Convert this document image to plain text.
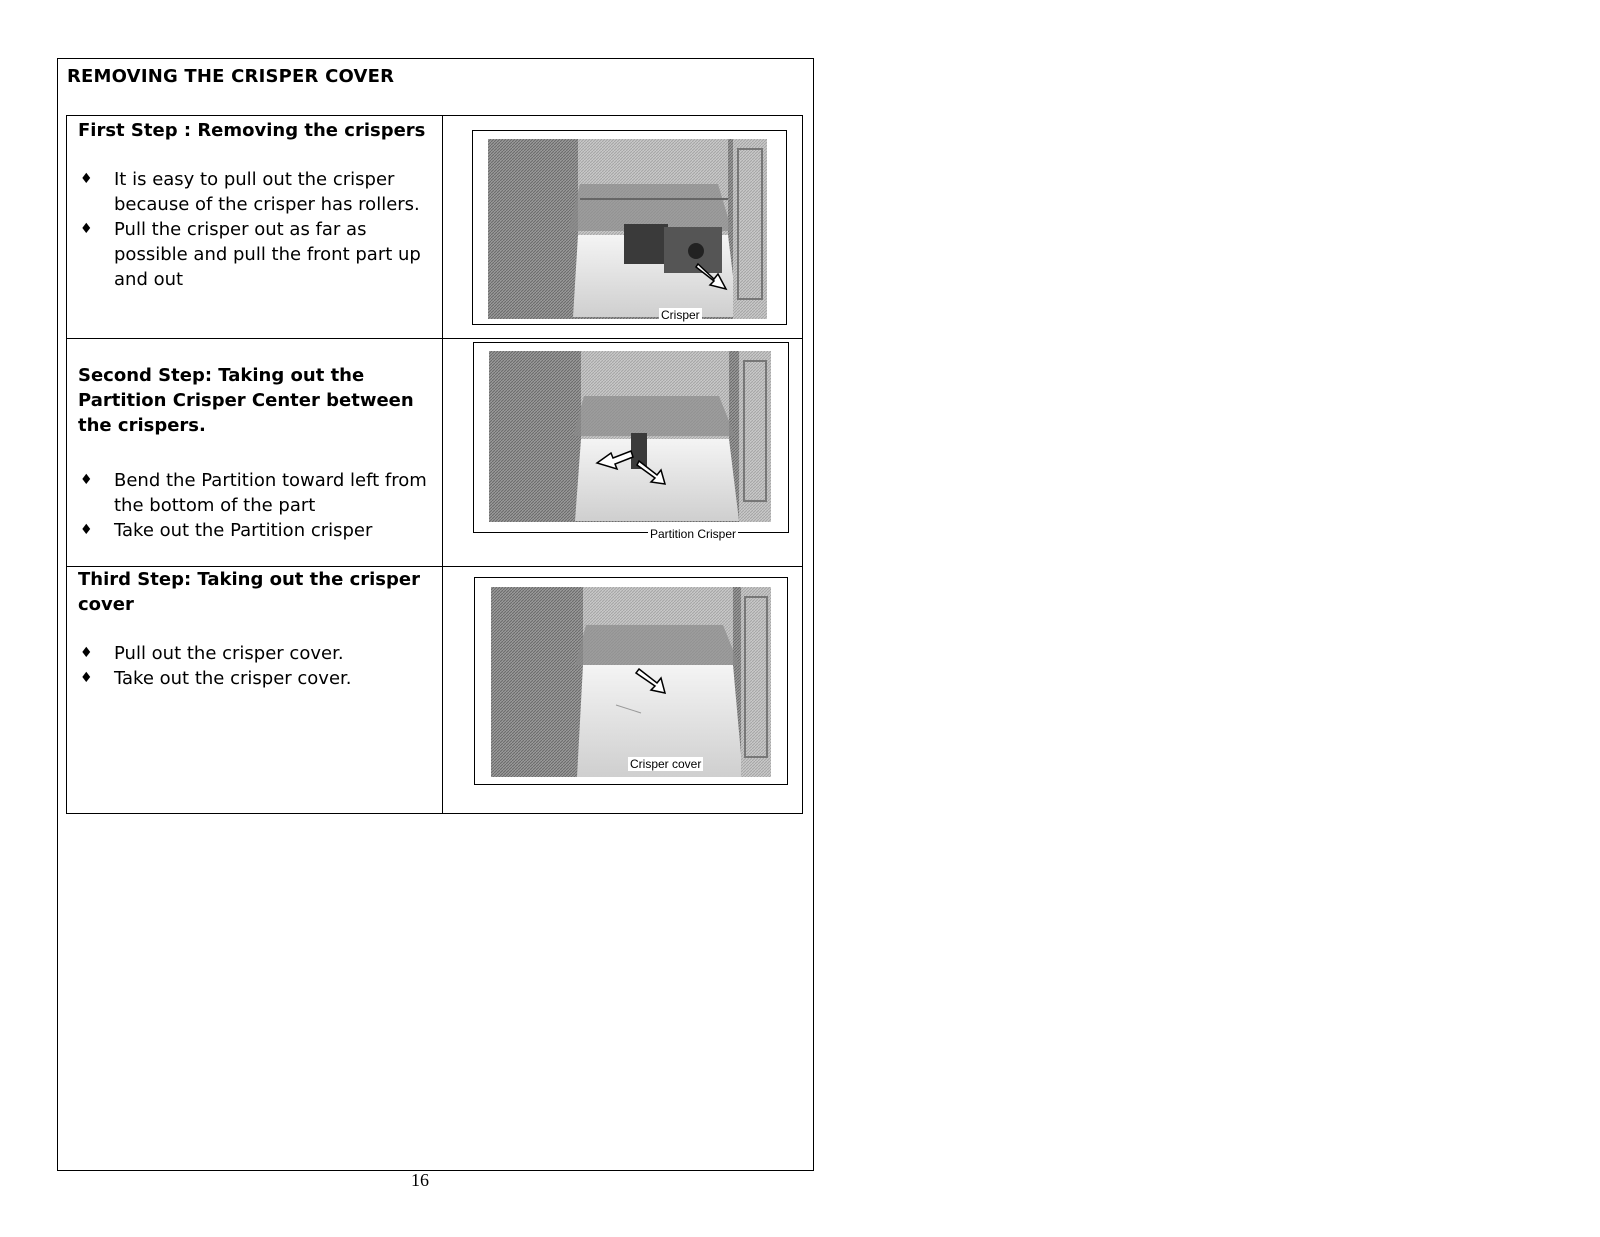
REMOVING THE CRISPER COVER

First Step : Removing the crispers

♦ It is easy to pull out the crisper because of the crisper has rollers.
♦ Pull the crisper out as far as possible and pull the front part up and out

Second Step: Taking out the Partition Crisper Center between the crispers.

♦ Bend the Partition toward left from the bottom of the part
♦ Take out the Partition crisper

Third Step: Taking out the crisper cover

♦ Pull out the crisper cover.
♦ Take out the crisper cover.
Crisper
Partition Crisper
Crisper cover
16
